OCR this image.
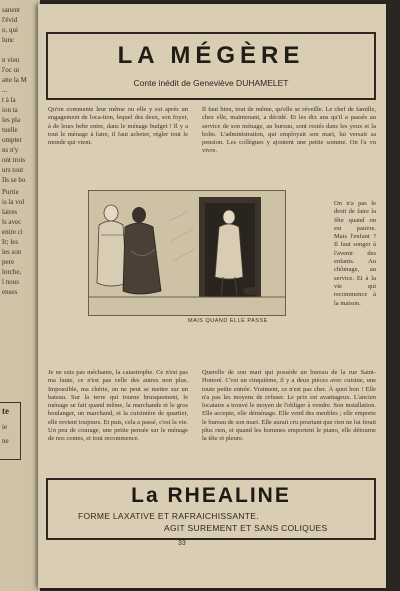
sanent
l'évid
o, qui
lunc
n vieu
l'oc ui
atte la M
...
t à la
ion ta
les pla
tuelle
ompter
ns n'y
ont trois
urs tout
Ils se bo
Purtie
is la vol
laires
ls avec
enire ci
Ir; les
les son
pere
lorche,
l nous
enses
te
ie
ne
LA MÉGÈRE
Conte inédit de Geneviève DUHAMELET

Qu'on commente leur même ou elle y est après un engagement de loca-tion, lequel des deux, son foyer, à de leurs bebe entre, dans le ménage budget ! Il y a tout le ménage à faire, il faut acheter, régler tout le monde qui vient.

Il faut bien, tout de même, qu'elle se réveille. Le chef de famille, chez elle, maintenant, a décidé. Et les dix ans qu'il a passés au service de son ménage, au bureau, sont restés dans les yeux et la boîte. L'administration, qui employait son mari, lui versait sa pension. Les collègues y ajoutent une petite somme. On l'a vu vivre.

MAIS QUAND ELLE PASSE

On n'a pas le droit de faire la fête quand on est pauvre. Mais l'enfant ? Il faut songer à l'avenir des enfants. Au chômage, au service. Et à la vie qui recommence à la maison.

Je ne suis pas méchante, la catastrophe. Ce n'est pas ma faute, ce n'est pas celle des autres non plus. Impossible, ma chérie, on ne peut se mettre sur un bateau. Sur la terre qui tourne brusquement, le ménage se fait quand même, la marchande et le gros boulanger, un marchand, et la cuisinière de quartier, elle revient toujours. Et puis, cela a passé, c'est la vie. Un peu de courage, une petite pensée sur le ménage de nos contes, et tout recommence.

Querelle de son mari qui possède un bureau de la rue Saint-Honoré. C'est un cinquième, il y a deux pièces avec cuisine, une toute petite entrée. Vraiment, ce n'est pas cher. À quoi bon ! Elle n'a pas les moyens de refuser. Le prix est avantageux. L'ancien locataire a trouvé le moyen de l'obliger à vendre. Son installation. Elle accepte, elle déménage. Elle vend des meubles ; elle emporte le bureau de son mari. Elle aurait cru pourtant que rien ne lui ferait plus rien, et quand les hommes emportent le piano, elle détourne la tête et pleure.

La RHEALINE
FORME LAXATIVE ET RAFRAICHISSANTE.
AGIT SUREMENT ET SANS COLIQUES
33
